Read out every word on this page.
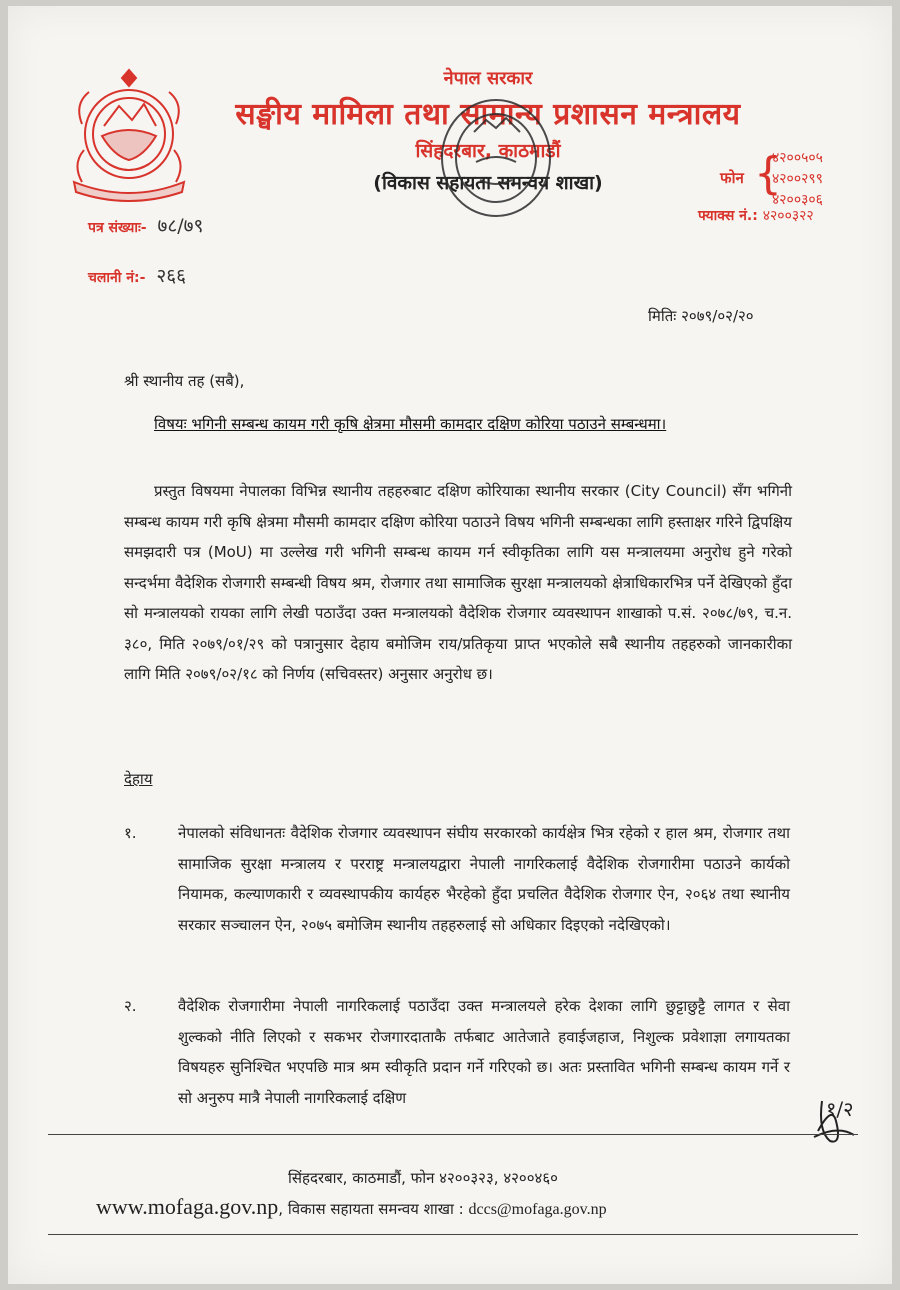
नेपाल सरकार
सङ्घीय मामिला तथा सामान्य प्रशासन मन्त्रालय
सिंहदरबार, काठमाडौं
(विकास सहायता समन्वय शाखा)	फोन {
४२००५०५
४२००२९९
४२००३०६
फ्याक्स नं.: ४२००३२२
पत्र संख्याः- ७८/७९
चलानी नं:- २६६
मितिः २०७९/०२/२०
श्री स्थानीय तह (सबै),
विषयः भगिनी सम्बन्ध कायम गरी कृषि क्षेत्रमा मौसमी कामदार दक्षिण कोरिया पठाउने सम्बन्धमा।
प्रस्तुत विषयमा नेपालका विभिन्न स्थानीय तहहरुबाट दक्षिण कोरियाका स्थानीय सरकार (City Council) सँग भगिनी सम्बन्ध कायम गरी कृषि क्षेत्रमा मौसमी कामदार दक्षिण कोरिया पठाउने विषय भगिनी सम्बन्धका लागि हस्ताक्षर गरिने द्विपक्षिय समझदारी पत्र (MoU) मा उल्लेख गरी भगिनी सम्बन्ध कायम गर्न स्वीकृतिका लागि यस मन्त्रालयमा अनुरोध हुने गरेको सन्दर्भमा वैदेशिक रोजगारी सम्बन्धी विषय श्रम, रोजगार तथा सामाजिक सुरक्षा मन्त्रालयको क्षेत्राधिकारभित्र पर्ने देखिएको हुँदा सो मन्त्रालयको रायका लागि लेखी पठाउँदा उक्त मन्त्रालयको वैदेशिक रोजगार व्यवस्थापन शाखाको प.सं. २०७८/७९, च.न. ३८०, मिति २०७९/०१/२९ को पत्रानुसार देहाय बमोजिम राय/प्रतिकृया प्राप्त भएकोले सबै स्थानीय तहहरुको जानकारीका लागि मिति २०७९/०२/१८ को निर्णय (सचिवस्तर) अनुसार अनुरोध छ।
देहाय
१.	नेपालको संविधानतः वैदेशिक रोजगार व्यवस्थापन संघीय सरकारको कार्यक्षेत्र भित्र रहेको र हाल श्रम, रोजगार तथा सामाजिक सुरक्षा मन्त्रालय र परराष्ट्र मन्त्रालयद्वारा नेपाली नागरिकलाई वैदेशिक रोजगारीमा पठाउने कार्यको नियामक, कल्याणकारी र व्यवस्थापकीय कार्यहरु भैरहेको हुँदा प्रचलित वैदेशिक रोजगार ऐन, २०६४ तथा स्थानीय सरकार सञ्चालन ऐन, २०७५ बमोजिम स्थानीय तहहरुलाई सो अधिकार दिइएको नदेखिएको।
२.	वैदेशिक रोजगारीमा नेपाली नागरिकलाई पठाउँदा उक्त मन्त्रालयले हरेक देशका लागि छुट्टाछुट्टै लागत र सेवा शुल्कको नीति लिएको र सकभर रोजगारदाताकै तर्फबाट आतेजाते हवाईजहाज, निशुल्क प्रवेशाज्ञा लगायतका विषयहरु सुनिश्चित भएपछि मात्र श्रम स्वीकृति प्रदान गर्ने गरिएको छ। अतः प्रस्तावित भगिनी सम्बन्ध कायम गर्ने र सो अनुरुप मात्रै नेपाली नागरिकलाई दक्षिण	१/२
सिंहदरबार, काठमाडौं, फोन ४२००३२३, ४२००४६०
www.mofaga.gov.np, विकास सहायता समन्वय शाखा : dccs@mofaga.gov.np
